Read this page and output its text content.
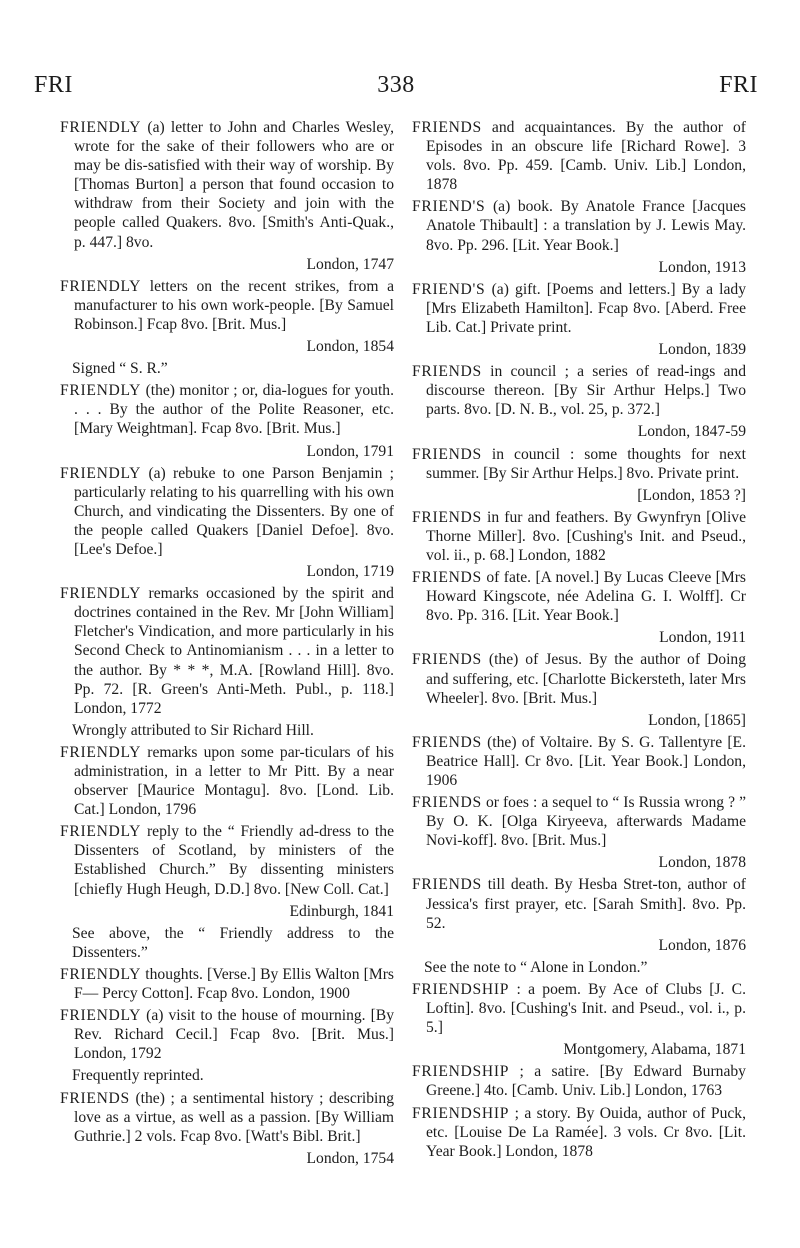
FRI	338	FRI
FRIENDLY (a) letter to John and Charles Wesley, wrote for the sake of their followers who are or may be dis-satisfied with their way of worship. By [Thomas Burton] a person that found occasion to withdraw from their Society and join with the people called Quakers. 8vo. [Smith's Anti-Quak., p. 447.] 8vo.
London, 1747
FRIENDLY letters on the recent strikes, from a manufacturer to his own work-people. [By Samuel Robinson.] Fcap 8vo. [Brit. Mus.]
London, 1854
Signed “ S. R.”
FRIENDLY (the) monitor ; or, dia-logues for youth. . . . By the author of the Polite Reasoner, etc. [Mary Weightman]. Fcap 8vo. [Brit. Mus.]
London, 1791
FRIENDLY (a) rebuke to one Parson Benjamin ; particularly relating to his quarrelling with his own Church, and vindicating the Dissenters. By one of the people called Quakers [Daniel Defoe]. 8vo. [Lee's Defoe.]
London, 1719
FRIENDLY remarks occasioned by the spirit and doctrines contained in the Rev. Mr [John William] Fletcher's Vindication, and more particularly in his Second Check to Antinomianism . . . in a letter to the author. By * * *, M.A. [Rowland Hill]. 8vo. Pp. 72. [R. Green's Anti-Meth. Publ., p. 118.] London, 1772
Wrongly attributed to Sir Richard Hill.
FRIENDLY remarks upon some par-ticulars of his administration, in a letter to Mr Pitt. By a near observer [Maurice Montagu]. 8vo. [Lond. Lib. Cat.] London, 1796
FRIENDLY reply to the “ Friendly ad-dress to the Dissenters of Scotland, by ministers of the Established Church.” By dissenting ministers [chiefly Hugh Heugh, D.D.] 8vo. [New Coll. Cat.]
Edinburgh, 1841
See above, the “ Friendly address to the Dissenters.”
FRIENDLY thoughts. [Verse.] By Ellis Walton [Mrs F— Percy Cotton]. Fcap 8vo. London, 1900
FRIENDLY (a) visit to the house of mourning. [By Rev. Richard Cecil.] Fcap 8vo. [Brit. Mus.] London, 1792
Frequently reprinted.
FRIENDS (the) ; a sentimental history ; describing love as a virtue, as well as a passion. [By William Guthrie.] 2 vols. Fcap 8vo. [Watt's Bibl. Brit.]
London, 1754
FRIENDS and acquaintances. By the author of Episodes in an obscure life [Richard Rowe]. 3 vols. 8vo. Pp. 459. [Camb. Univ. Lib.] London, 1878
FRIEND'S (a) book. By Anatole France [Jacques Anatole Thibault] : a translation by J. Lewis May. 8vo. Pp. 296. [Lit. Year Book.]
London, 1913
FRIEND'S (a) gift. [Poems and letters.] By a lady [Mrs Elizabeth Hamilton]. Fcap 8vo. [Aberd. Free Lib. Cat.] Private print.
London, 1839
FRIENDS in council ; a series of read-ings and discourse thereon. [By Sir Arthur Helps.] Two parts. 8vo. [D. N. B., vol. 25, p. 372.]
London, 1847-59
FRIENDS in council : some thoughts for next summer. [By Sir Arthur Helps.] 8vo. Private print.
[London, 1853 ?]
FRIENDS in fur and feathers. By Gwynfryn [Olive Thorne Miller]. 8vo. [Cushing's Init. and Pseud., vol. ii., p. 68.] London, 1882
FRIENDS of fate. [A novel.] By Lucas Cleeve [Mrs Howard Kingscote, née Adelina G. I. Wolff]. Cr 8vo. Pp. 316. [Lit. Year Book.]
London, 1911
FRIENDS (the) of Jesus. By the author of Doing and suffering, etc. [Charlotte Bickersteth, later Mrs Wheeler]. 8vo. [Brit. Mus.]
London, [1865]
FRIENDS (the) of Voltaire. By S. G. Tallentyre [E. Beatrice Hall]. Cr 8vo. [Lit. Year Book.] London, 1906
FRIENDS or foes : a sequel to “ Is Russia wrong ? ” By O. K. [Olga Kiryeeva, afterwards Madame Novi-koff]. 8vo. [Brit. Mus.]
London, 1878
FRIENDS till death. By Hesba Stret-ton, author of Jessica's first prayer, etc. [Sarah Smith]. 8vo. Pp. 52.
London, 1876
See the note to “ Alone in London.”
FRIENDSHIP : a poem. By Ace of Clubs [J. C. Loftin]. 8vo. [Cushing's Init. and Pseud., vol. i., p. 5.]
Montgomery, Alabama, 1871
FRIENDSHIP ; a satire. [By Edward Burnaby Greene.] 4to. [Camb. Univ. Lib.] London, 1763
FRIENDSHIP ; a story. By Ouida, author of Puck, etc. [Louise De La Ramée]. 3 vols. Cr 8vo. [Lit. Year Book.] London, 1878
